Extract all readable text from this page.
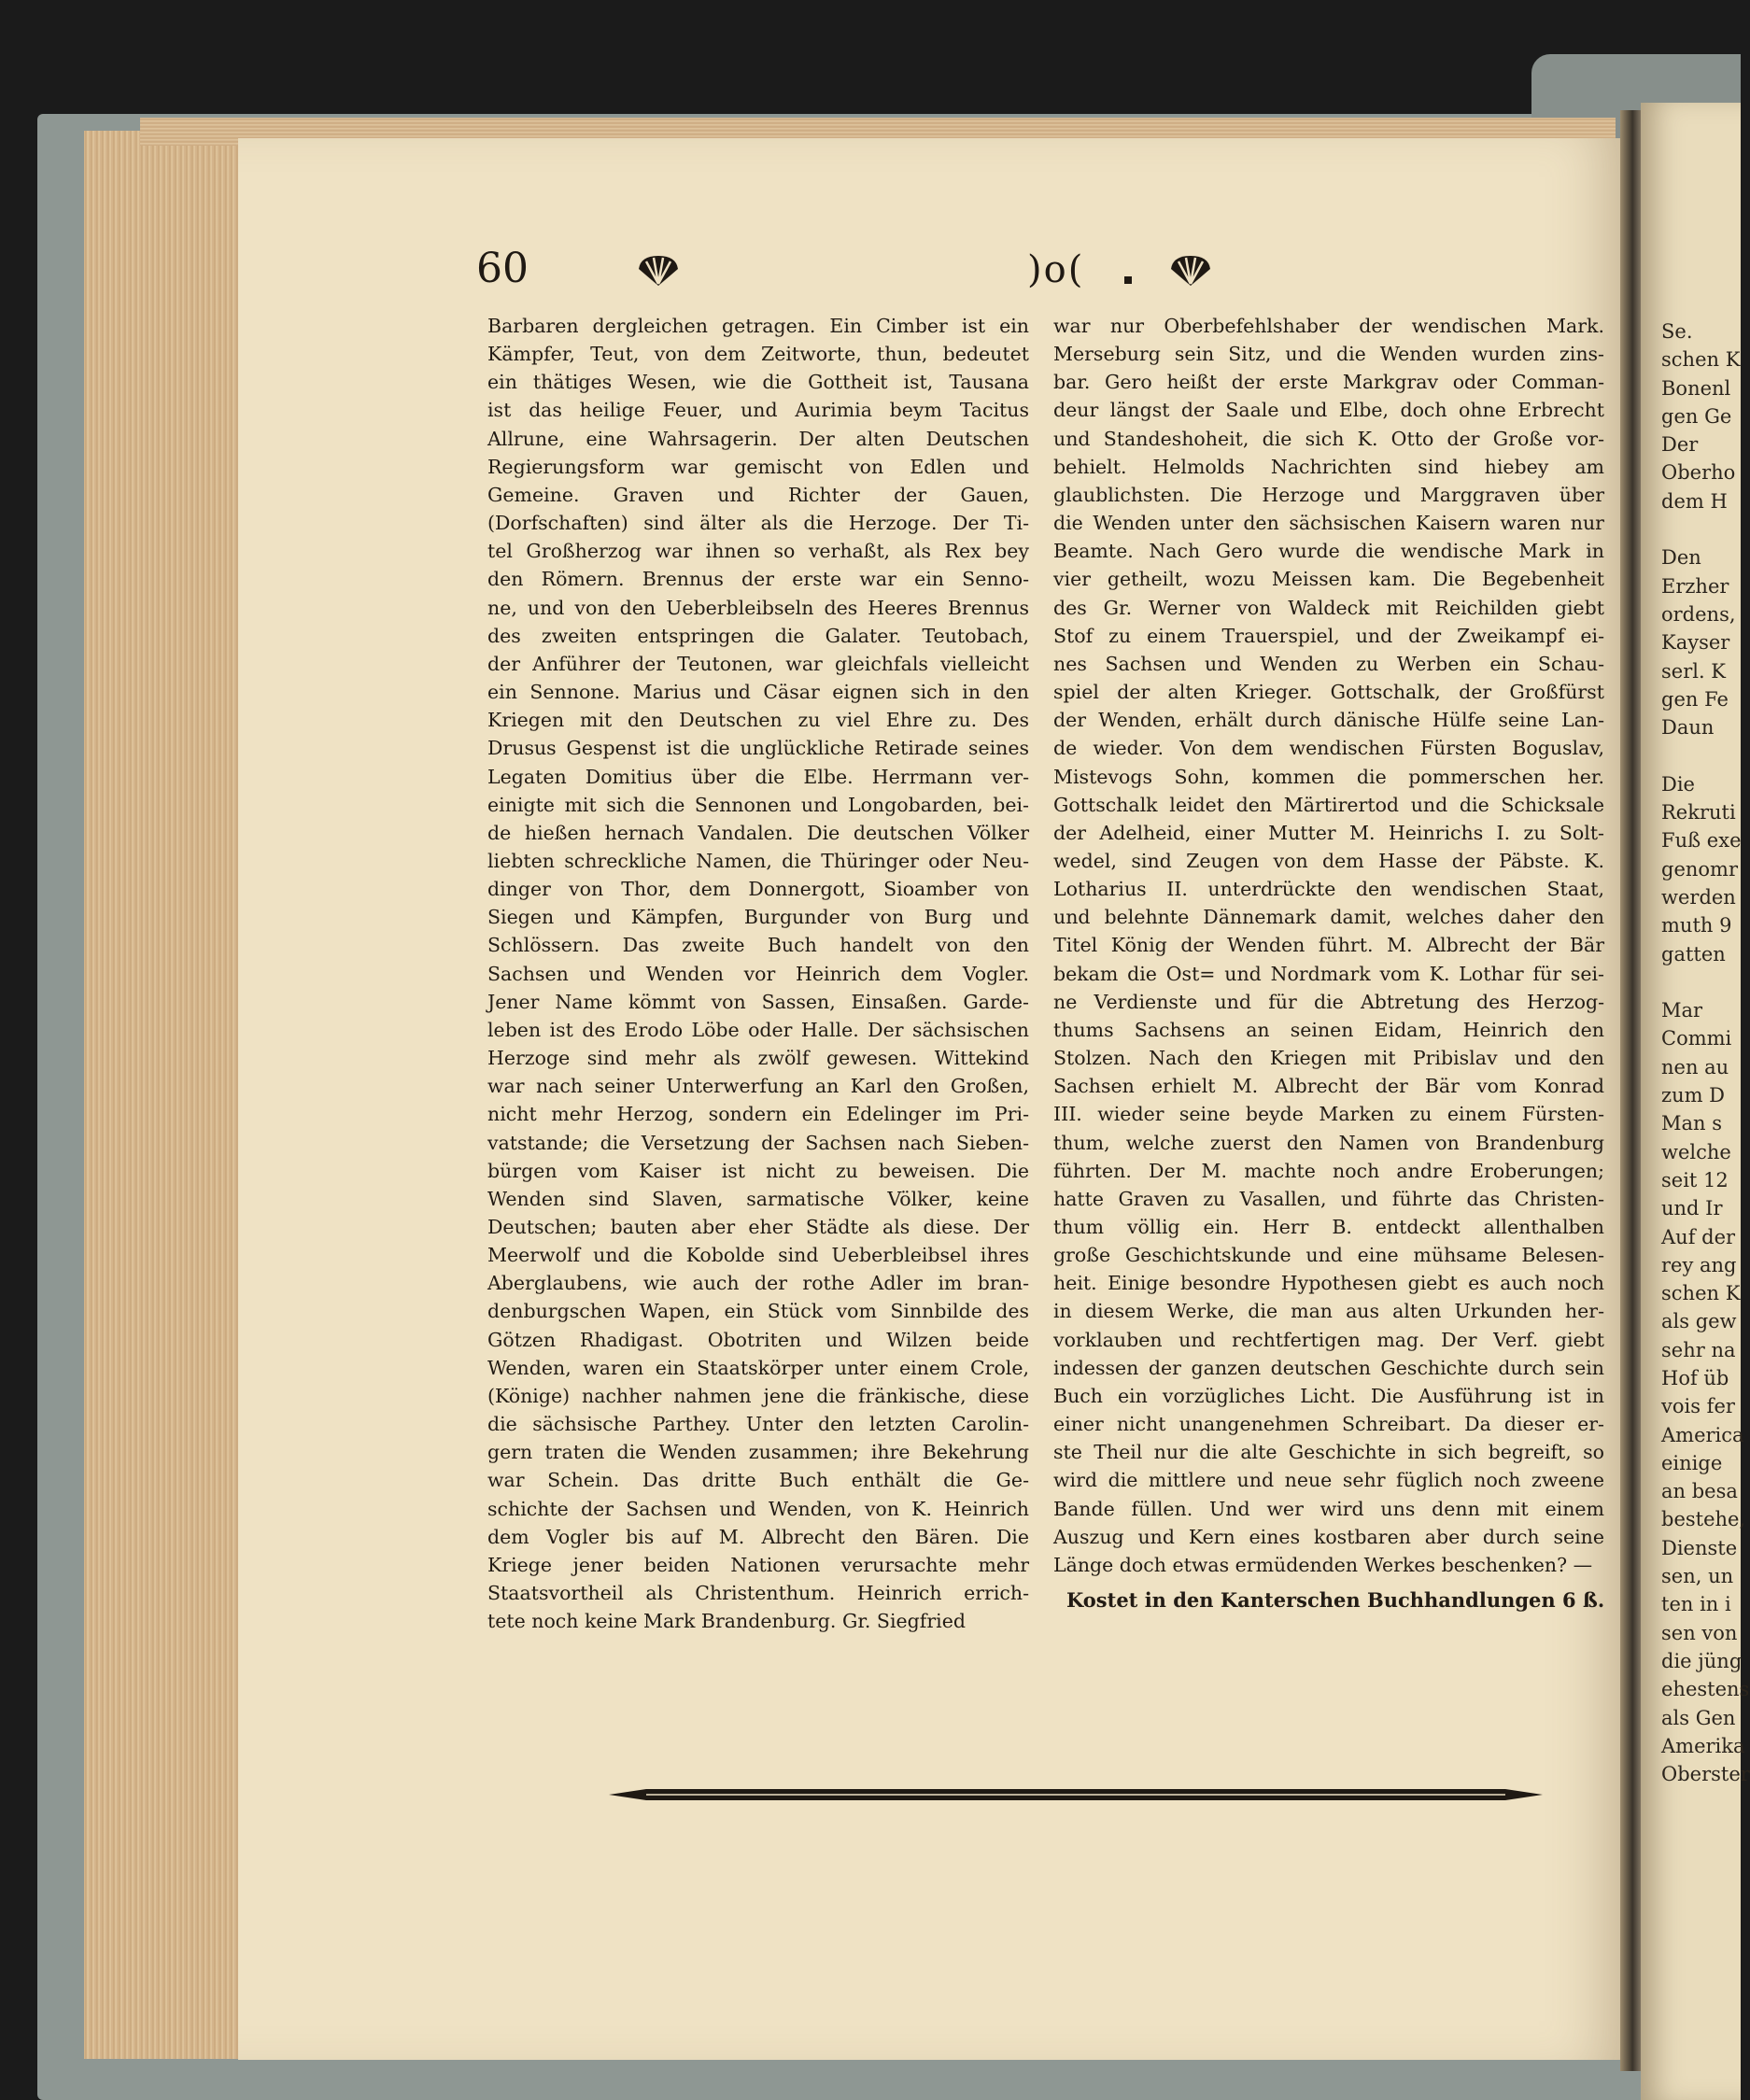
Se.
schen K
Bonenl
gen Ge
Der
Oberho
dem H

Den
Erzher
ordens,
Kayser
serl. K
gen Fe
Daun

Die
Rekruti
Fuß exe
genomr
werden
muth 9
gatten

Mar
Commi
nen au
zum D
Man s
welche
seit 12
und Ir
Auf der
rey ang
schen K
als gew
sehr na
Hof üb
vois fer
America
einige
an besa
bestehe,
Dienste
sen, un
ten in i
sen von
die jüng
ehestens
als Gen
Amerika
Oberster
60	)o(
Barbaren dergleichen getragen. Ein Cimber ist ein
Kämpfer, Teut, von dem Zeitworte, thun, bedeutet
ein thätiges Wesen, wie die Gottheit ist, Tausana
ist das heilige Feuer, und Aurimia beym Tacitus
Allrune, eine Wahrsagerin. Der alten Deutschen
Regierungsform war gemischt von Edlen und
Gemeine. Graven und Richter der Gauen,
(Dorfschaften) sind älter als die Herzoge. Der Ti-
tel Großherzog war ihnen so verhaßt, als Rex bey
den Römern. Brennus der erste war ein Senno-
ne, und von den Ueberbleibseln des Heeres Brennus
des zweiten entspringen die Galater. Teutobach,
der Anführer der Teutonen, war gleichfals vielleicht
ein Sennone. Marius und Cäsar eignen sich in den
Kriegen mit den Deutschen zu viel Ehre zu. Des
Drusus Gespenst ist die unglückliche Retirade seines
Legaten Domitius über die Elbe. Herrmann ver-
einigte mit sich die Sennonen und Longobarden, bei-
de hießen hernach Vandalen. Die deutschen Völker
liebten schreckliche Namen, die Thüringer oder Neu-
dinger von Thor, dem Donnergott, Sioamber von
Siegen und Kämpfen, Burgunder von Burg und
Schlössern. Das zweite Buch handelt von den
Sachsen und Wenden vor Heinrich dem Vogler.
Jener Name kömmt von Sassen, Einsaßen. Garde-
leben ist des Erodo Löbe oder Halle. Der sächsischen
Herzoge sind mehr als zwölf gewesen. Wittekind
war nach seiner Unterwerfung an Karl den Großen,
nicht mehr Herzog, sondern ein Edelinger im Pri-
vatstande; die Versetzung der Sachsen nach Sieben-
bürgen vom Kaiser ist nicht zu beweisen. Die
Wenden sind Slaven, sarmatische Völker, keine
Deutschen; bauten aber eher Städte als diese. Der
Meerwolf und die Kobolde sind Ueberbleibsel ihres
Aberglaubens, wie auch der rothe Adler im bran-
denburgschen Wapen, ein Stück vom Sinnbilde des
Götzen Rhadigast. Obotriten und Wilzen beide
Wenden, waren ein Staatskörper unter einem Crole,
(Könige) nachher nahmen jene die fränkische, diese
die sächsische Parthey. Unter den letzten Carolin-
gern traten die Wenden zusammen; ihre Bekehrung
war Schein. Das dritte Buch enthält die Ge-
schichte der Sachsen und Wenden, von K. Heinrich
dem Vogler bis auf M. Albrecht den Bären. Die
Kriege jener beiden Nationen verursachte mehr
Staatsvortheil als Christenthum. Heinrich errich-
tete noch keine Mark Brandenburg. Gr. Siegfried
war nur Oberbefehlshaber der wendischen Mark.
Merseburg sein Sitz, und die Wenden wurden zins-
bar. Gero heißt der erste Markgrav oder Comman-
deur längst der Saale und Elbe, doch ohne Erbrecht
und Standeshoheit, die sich K. Otto der Große vor-
behielt. Helmolds Nachrichten sind hiebey am
glaublichsten. Die Herzoge und Marggraven über
die Wenden unter den sächsischen Kaisern waren nur
Beamte. Nach Gero wurde die wendische Mark in
vier getheilt, wozu Meissen kam. Die Begebenheit
des Gr. Werner von Waldeck mit Reichilden giebt
Stof zu einem Trauerspiel, und der Zweikampf ei-
nes Sachsen und Wenden zu Werben ein Schau-
spiel der alten Krieger. Gottschalk, der Großfürst
der Wenden, erhält durch dänische Hülfe seine Lan-
de wieder. Von dem wendischen Fürsten Boguslav,
Mistevogs Sohn, kommen die pommerschen her.
Gottschalk leidet den Märtirertod und die Schicksale
der Adelheid, einer Mutter M. Heinrichs I. zu Solt-
wedel, sind Zeugen von dem Hasse der Päbste. K.
Lotharius II. unterdrückte den wendischen Staat,
und belehnte Dännemark damit, welches daher den
Titel König der Wenden führt. M. Albrecht der Bär
bekam die Ost= und Nordmark vom K. Lothar für sei-
ne Verdienste und für die Abtretung des Herzog-
thums Sachsens an seinen Eidam, Heinrich den
Stolzen. Nach den Kriegen mit Pribislav und den
Sachsen erhielt M. Albrecht der Bär vom Konrad
III. wieder seine beyde Marken zu einem Fürsten-
thum, welche zuerst den Namen von Brandenburg
führten. Der M. machte noch andre Eroberungen;
hatte Graven zu Vasallen, und führte das Christen-
thum völlig ein. Herr B. entdeckt allenthalben
große Geschichtskunde und eine mühsame Belesen-
heit. Einige besondre Hypothesen giebt es auch noch
in diesem Werke, die man aus alten Urkunden her-
vorklauben und rechtfertigen mag. Der Verf. giebt
indessen der ganzen deutschen Geschichte durch sein
Buch ein vorzügliches Licht. Die Ausführung ist in
einer nicht unangenehmen Schreibart. Da dieser er-
ste Theil nur die alte Geschichte in sich begreift, so
wird die mittlere und neue sehr füglich noch zweene
Bande füllen. Und wer wird uns denn mit einem
Auszug und Kern eines kostbaren aber durch seine
Länge doch etwas ermüdenden Werkes beschenken? —
Kostet in den Kanterschen Buchhandlungen 6 ß.
